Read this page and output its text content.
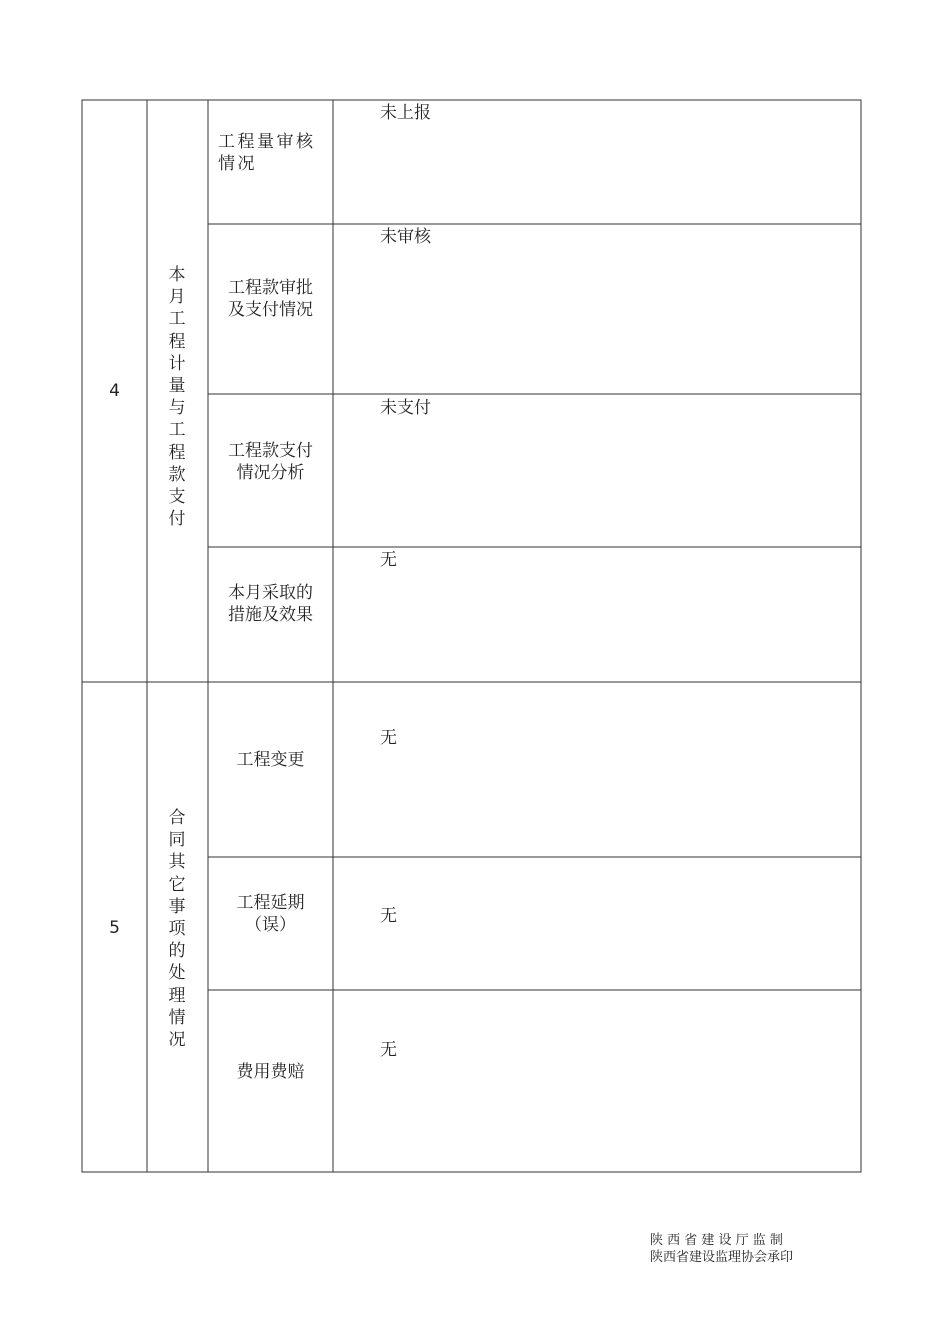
4
本月工程计量与工程款支付
工程量审核
情况
未上报
工程款审批
及支付情况
未审核
工程款支付
情况分析
未支付
本月采取的
措施及效果
无
5
合同其它事项的处理情况
工程变更
无
工程延期
（误）	无
费用费赔
无
陕 西 省 建 设 厅 监 制
陕西省建设监理协会承印
